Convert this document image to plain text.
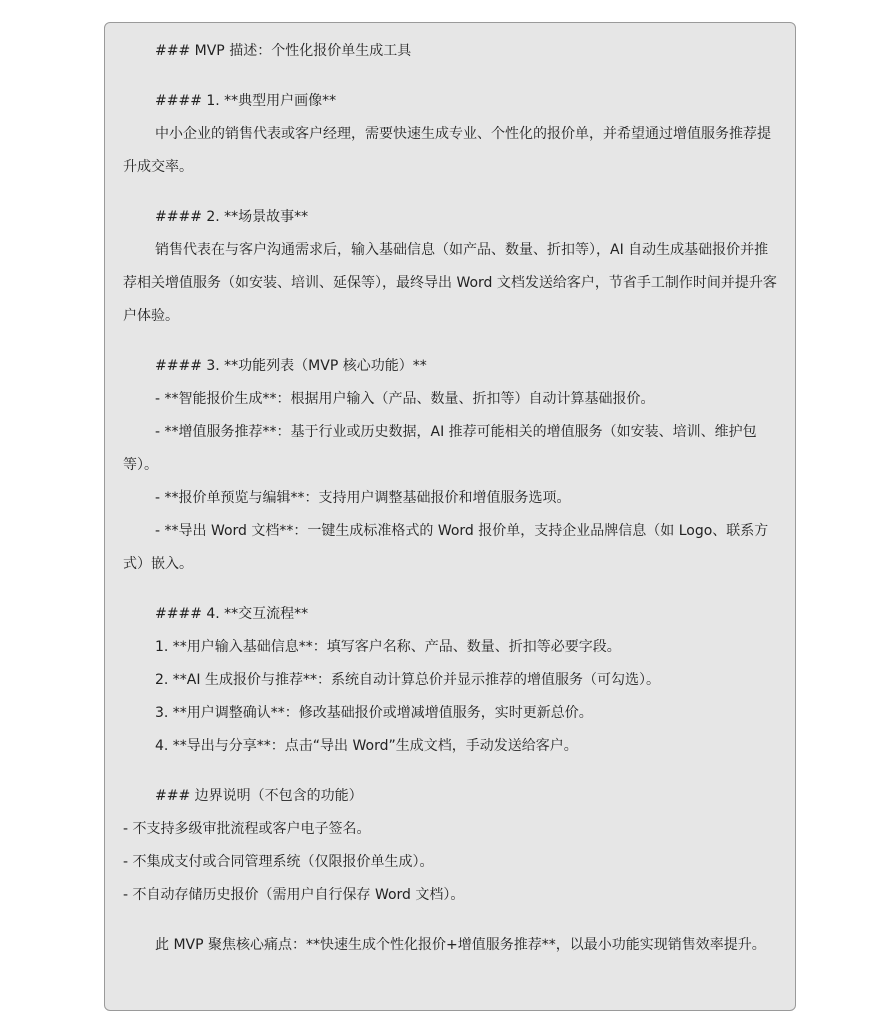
### MVP 描述：个性化报价单生成工具

#### 1. **典型用户画像**

中小企业的销售代表或客户经理，需要快速生成专业、个性化的报价单，并希望通过增值服务推荐提升成交率。

#### 2. **场景故事**

销售代表在与客户沟通需求后，输入基础信息（如产品、数量、折扣等），AI 自动生成基础报价并推荐相关增值服务（如安装、培训、延保等），最终导出 Word 文档发送给客户，节省手工制作时间并提升客户体验。

#### 3. **功能列表（MVP 核心功能）**

- **智能报价生成**：根据用户输入（产品、数量、折扣等）自动计算基础报价。

- **增值服务推荐**：基于行业或历史数据，AI 推荐可能相关的增值服务（如安装、培训、维护包等）。

- **报价单预览与编辑**：支持用户调整基础报价和增值服务选项。

- **导出 Word 文档**：一键生成标准格式的 Word 报价单，支持企业品牌信息（如 Logo、联系方式）嵌入。

#### 4. **交互流程**

1. **用户输入基础信息**：填写客户名称、产品、数量、折扣等必要字段。

2. **AI 生成报价与推荐**：系统自动计算总价并显示推荐的增值服务（可勾选）。

3. **用户调整确认**：修改基础报价或增减增值服务，实时更新总价。

4. **导出与分享**：点击“导出 Word”生成文档，手动发送给客户。

### 边界说明（不包含的功能）

- 不支持多级审批流程或客户电子签名。

- 不集成支付或合同管理系统（仅限报价单生成）。

- 不自动存储历史报价（需用户自行保存 Word 文档）。

此 MVP 聚焦核心痛点：**快速生成个性化报价+增值服务推荐**，以最小功能实现销售效率提升。
